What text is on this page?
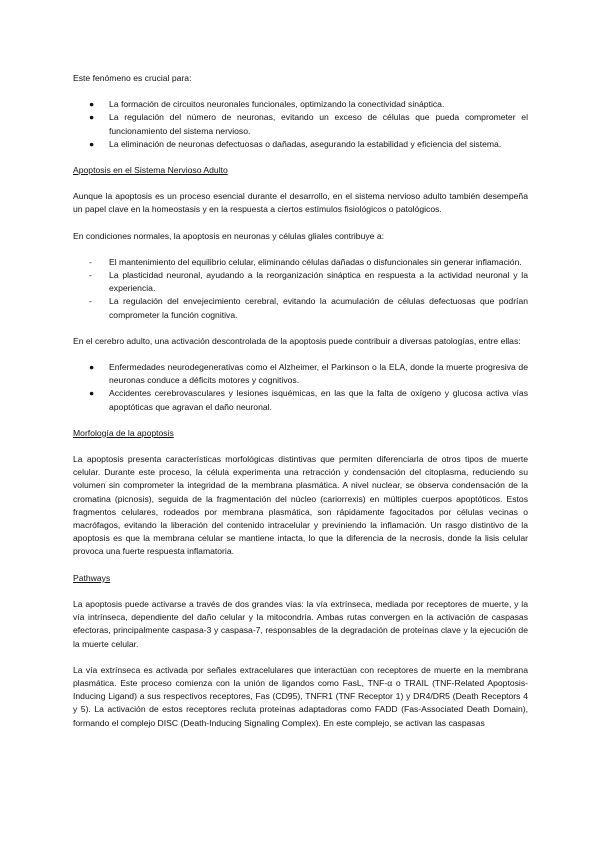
Este fenómeno es crucial para:

● La formación de circuitos neuronales funcionales, optimizando la conectividad sináptica.
● La regulación del número de neuronas, evitando un exceso de células que pueda comprometer el funcionamiento del sistema nervioso.
● La eliminación de neuronas defectuosas o dañadas, asegurando la estabilidad y eficiencia del sistema.

Apoptosis en el Sistema Nervioso Adulto

Aunque la apoptosis es un proceso esencial durante el desarrollo, en el sistema nervioso adulto también desempeña un papel clave en la homeostasis y en la respuesta a ciertos estímulos fisiológicos o patológicos.

En condiciones normales, la apoptosis en neuronas y células gliales contribuye a:

- El mantenimiento del equilibrio celular, eliminando células dañadas o disfuncionales sin generar inflamación.
- La plasticidad neuronal, ayudando a la reorganización sináptica en respuesta a la actividad neuronal y la experiencia.
- La regulación del envejecimiento cerebral, evitando la acumulación de células defectuosas que podrían comprometer la función cognitiva.

En el cerebro adulto, una activación descontrolada de la apoptosis puede contribuir a diversas patologías, entre ellas:

● Enfermedades neurodegenerativas como el Alzheimer, el Parkinson o la ELA, donde la muerte progresiva de neuronas conduce a déficits motores y cognitivos.
● Accidentes cerebrovasculares y lesiones isquémicas, en las que la falta de oxígeno y glucosa activa vías apoptóticas que agravan el daño neuronal.

Morfología de la apoptosis

La apoptosis presenta características morfológicas distintivas que permiten diferenciarla de otros tipos de muerte celular. Durante este proceso, la célula experimenta una retracción y condensación del citoplasma, reduciendo su volumen sin comprometer la integridad de la membrana plasmática. A nivel nuclear, se observa condensación de la cromatina (picnosis), seguida de la fragmentación del núcleo (cariorrexis) en múltiples cuerpos apoptóticos. Estos fragmentos celulares, rodeados por membrana plasmática, son rápidamente fagocitados por células vecinas o macrófagos, evitando la liberación del contenido intracelular y previniendo la inflamación. Un rasgo distintivo de la apoptosis es que la membrana celular se mantiene intacta, lo que la diferencia de la necrosis, donde la lisis celular provoca una fuerte respuesta inflamatoria.

Pathways

La apoptosis puede activarse a través de dos grandes vías: la vía extrínseca, mediada por receptores de muerte, y la vía intrínseca, dependiente del daño celular y la mitocondria. Ambas rutas convergen en la activación de caspasas efectoras, principalmente caspasa-3 y caspasa-7, responsables de la degradación de proteínas clave y la ejecución de la muerte celular.

La vía extrínseca es activada por señales extracelulares que interactúan con receptores de muerte en la membrana plasmática. Este proceso comienza con la unión de ligandos como FasL, TNF-α o TRAIL (TNF-Related Apoptosis-Inducing Ligand) a sus respectivos receptores, Fas (CD95), TNFR1 (TNF Receptor 1) y DR4/DR5 (Death Receptors 4 y 5). La activación de estos receptores recluta proteínas adaptadoras como FADD (Fas-Associated Death Domain), formando el complejo DISC (Death-Inducing Signaling Complex). En este complejo, se activan las caspasas
